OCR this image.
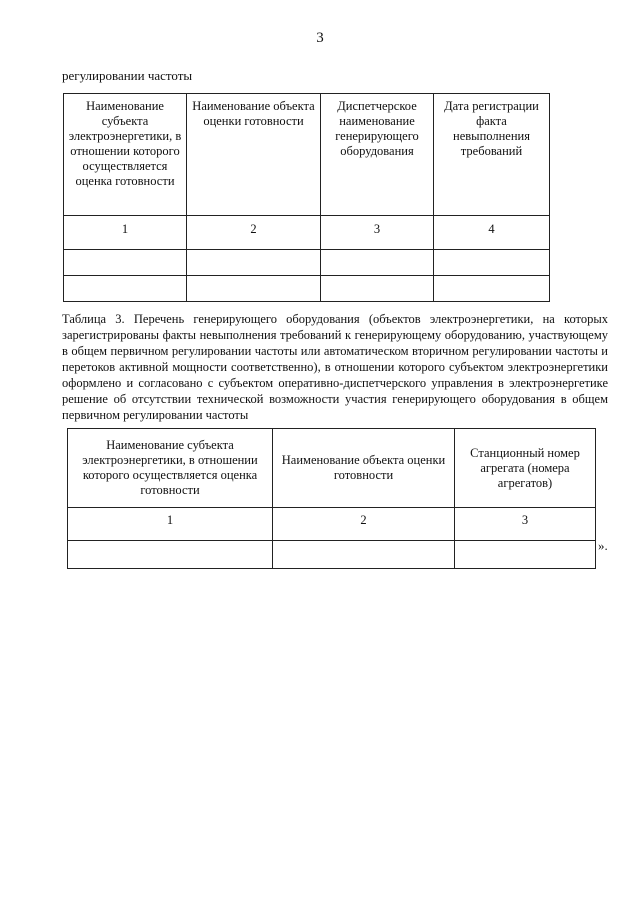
3
регулировании частоты
Наименование субъекта электроэнергетики, в отношении которого осуществляется оценка готовности	Наименование объекта оценки готовности	Диспетчерское наименование генерирующего оборудования	Дата регистрации факта невыполнения требований
1	2	3	4

Таблица 3. Перечень генерирующего оборудования (объектов электроэнергетики, на которых зарегистрированы факты невыполнения требований к генерирующему оборудованию, участвующему в общем первичном регулировании частоты или автоматическом вторичном регулировании частоты и перетоков активной мощности соответственно), в отношении которого субъектом электроэнергетики оформлено и согласовано с субъектом оперативно-диспетчерского управления в электроэнергетике решение об отсутствии технической возможности участия генерирующего оборудования в общем первичном регулировании частоты

Наименование субъекта электроэнергетики, в отношении которого осуществляется оценка готовности	Наименование объекта оценки готовности	Станционный номер агрегата (номера агрегатов)
1	2	3

».
